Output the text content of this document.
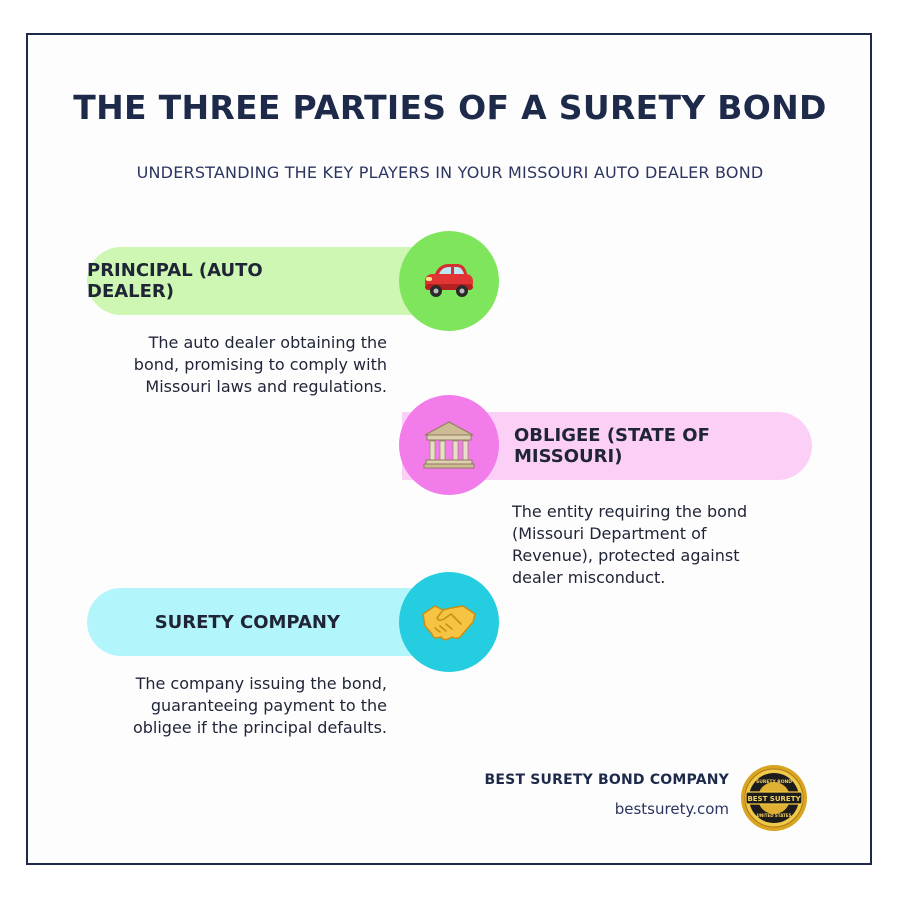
THE THREE PARTIES OF A SURETY BOND
UNDERSTANDING THE KEY PLAYERS IN YOUR MISSOURI AUTO DEALER BOND
PRINCIPAL (AUTO DEALER)
The auto dealer obtaining the
bond, promising to comply with
Missouri laws and regulations.
OBLIGEE (STATE OF MISSOURI)
The entity requiring the bond
(Missouri Department of
Revenue), protected against
dealer misconduct.
SURETY COMPANY
The company issuing the bond,
guaranteeing payment to the
obligee if the principal defaults.
BEST SURETY BOND COMPANY
bestsurety.com
BEST SURETY
SURETY BOND
UNITED STATES
